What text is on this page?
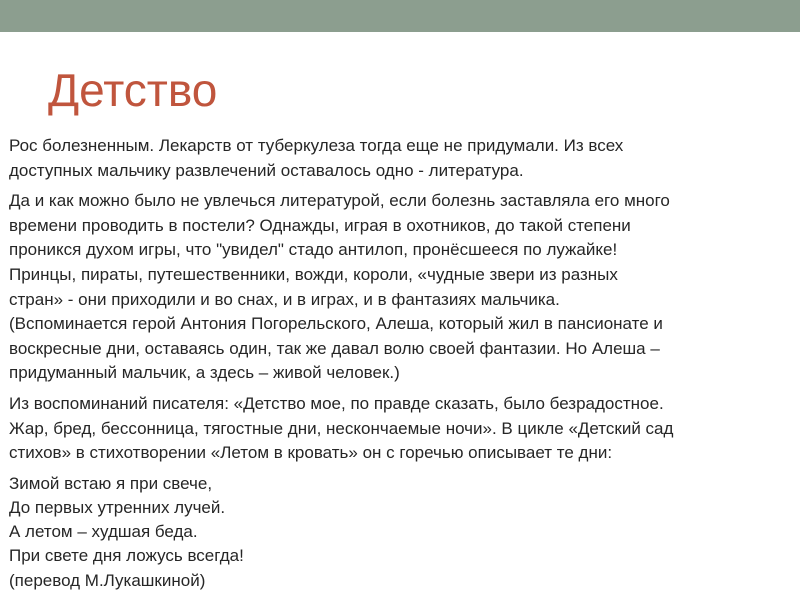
Детство

Рос болезненным. Лекарств от туберкулеза тогда еще не придумали. Из всех
доступных мальчику развлечений оставалось одно - литература.

Да и как можно было не увлечься литературой, если болезнь заставляла его много
времени проводить в постели? Однажды, играя в охотников, до такой степени
проникся духом игры, что "увидел" стадо антилоп, пронёсшееся по лужайке!
Принцы, пираты, путешественники, вожди, короли, «чудные звери из разных
стран» - они приходили и во снах, и в играх, и в фантазиях мальчика.
(Вспоминается герой Антония Погорельского, Алеша, который жил в пансионате и
воскресные дни, оставаясь один, так же давал волю своей фантазии. Но Алеша –
придуманный мальчик, а здесь – живой человек.)

Из воспоминаний писателя: «Детство мое, по правде сказать, было безрадостное.
Жар, бред, бессонница, тягостные дни, нескончаемые ночи». В цикле «Детский сад
стихов» в стихотворении «Летом в кровать» он с горечью описывает те дни:

Зимой встаю я при свече,
До первых утренних лучей.
А летом – худшая беда.
При свете дня ложусь всегда!
(перевод М.Лукашкиной)
